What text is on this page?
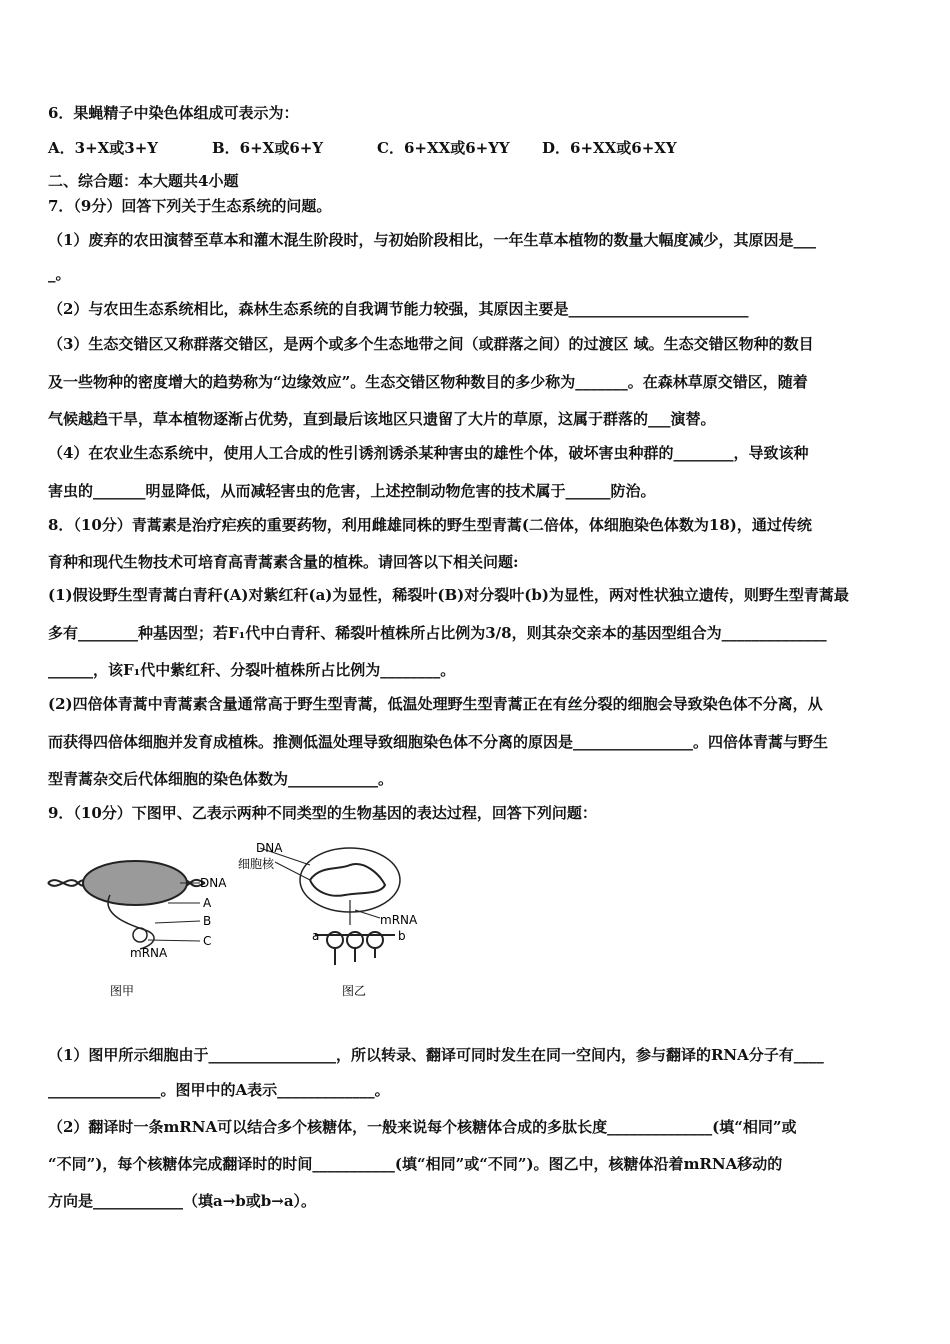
6．果蝇精子中染色体组成可表示为：
A．3+X或3+Y	B．6+X或6+Y	C．6+XX或6+YY D．6+XX或6+XY
二、综合题：本大题共4小题
7．（9分）回答下列关于生态系统的问题。
（1）废弃的农田演替至草本和灌木混生阶段时，与初始阶段相比，一年生草本植物的数量大幅度减少，其原因是___
_。
（2）与农田生态系统相比，森林生态系统的自我调节能力较强，其原因主要是________________________
（3）生态交错区又称群落交错区，是两个或多个生态地带之间（或群落之间）的过渡区 域。生态交错区物种的数目
及一些物种的密度增大的趋势称为“边缘效应”。生态交错区物种数目的多少称为_______。在森林草原交错区，随着
气候越趋干旱，草本植物逐渐占优势，直到最后该地区只遗留了大片的草原，这属于群落的___演替。
（4）在农业生态系统中，使用人工合成的性引诱剂诱杀某种害虫的雄性个体，破坏害虫种群的________，导致该种
害虫的_______明显降低，从而减轻害虫的危害，上述控制动物危害的技术属于______防治。
8．（10分）青蒿素是治疗疟疾的重要药物，利用雌雄同株的野生型青蒿(二倍体，体细胞染色体数为18)，通过传统
育种和现代生物技术可培育高青蒿素含量的植株。请回答以下相关问题:
(1)假设野生型青蒿白青秆(A)对紫红秆(a)为显性，稀裂叶(B)对分裂叶(b)为显性，两对性状独立遗传，则野生型青蒿最
多有________种基因型；若F₁代中白青秆、稀裂叶植株所占比例为3/8，则其杂交亲本的基因型组合为______________
______，该F₁代中紫红秆、分裂叶植株所占比例为________。
(2)四倍体青蒿中青蒿素含量通常高于野生型青蒿，低温处理野生型青蒿正在有丝分裂的细胞会导致染色体不分离，从
而获得四倍体细胞并发育成植株。推测低温处理导致细胞染色体不分离的原因是________________。四倍体青蒿与野生
型青蒿杂交后代体细胞的染色体数为____________。
9．（10分）下图甲、乙表示两种不同类型的生物基因的表达过程，回答下列问题：
DNA
A
B
C
mRNA
图甲
DNA
细胞核
mRNA
a	b
图乙
（1）图甲所示细胞由于_________________，所以转录、翻译可同时发生在同一空间内，参与翻译的RNA分子有____
_______________。图甲中的A表示_____________。
（2）翻译时一条mRNA可以结合多个核糖体，一般来说每个核糖体合成的多肽长度______________(填“相同”或
“不同”)，每个核糖体完成翻译时的时间___________(填“相同”或“不同”)。图乙中，核糖体沿着mRNA移动的
方向是____________（填a→b或b→a）。
